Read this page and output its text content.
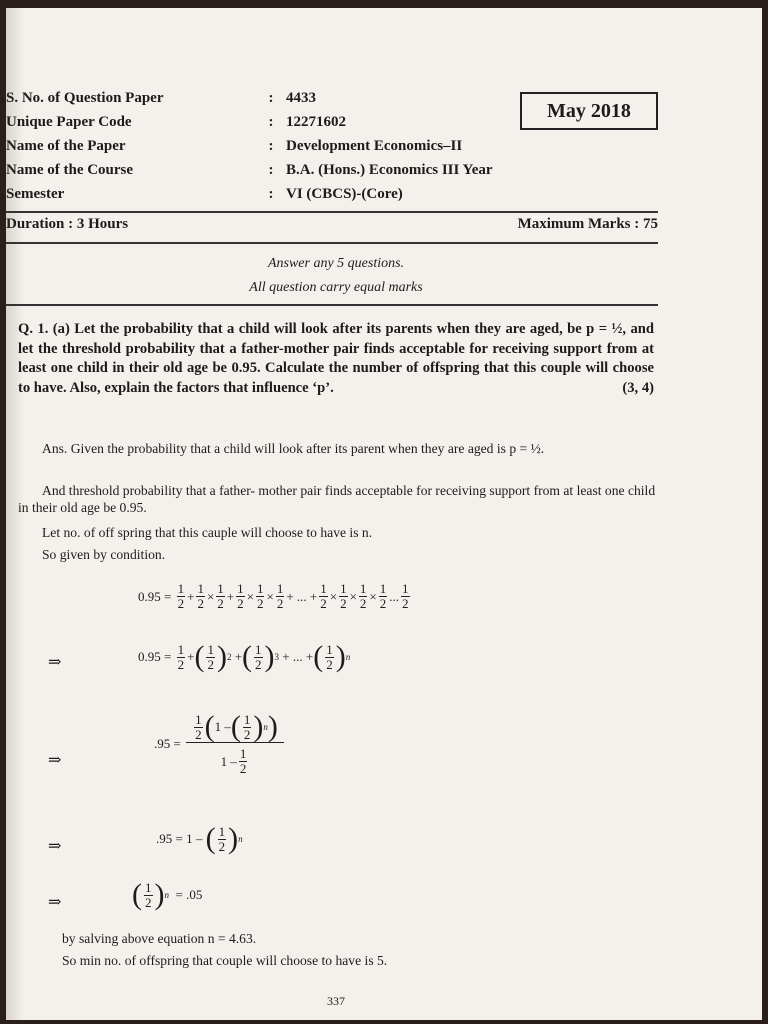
S. No. of Question Paper	: 4433
Unique Paper Code	: 12271602
Name of the Paper	: Development Economics–II
Name of the Course	: B.A. (Hons.) Economics III Year
Semester	: VI (CBCS)-(Core)
May 2018
Duration : 3 Hours	Maximum Marks : 75
Answer any 5 questions.
All question carry equal marks
Q. 1. (a) Let the probability that a child will look after its parents when they are aged, be p = ½, and let the threshold probability that a father-mother pair finds acceptable for receiving support from at least one child in their old age be 0.95. Calculate the number of offspring that this couple will choose to have. Also, explain the factors that influence ‘p’.	(3, 4)
Ans. Given the probability that a child will look after its parent when they are aged is p = ½.
And threshold probability that a father- mother pair finds acceptable for receiving support from at least one child in their old age be 0.95.
Let no. of off spring that this cauple will choose to have is n.
So given by condition.
0.95 =
$\frac{1}{2} + \frac{1}{2} \times \frac{1}{2} + \frac{1}{2} \times \frac{1}{2} \times \frac{1}{2}$ + ... + $\frac{1}{2} \times \frac{1}{2} \times \frac{1}{2} \times \frac{1}{2}$ ... $\frac{1}{2}$
⇒	0.95 =
$\frac{1}{2}$ + ( $\frac{1}{2}$ ) 2 + ( $\frac{1}{2}$ ) 3 + ... + ( $\frac{1}{2}$ ) n
⇒
.95 =
$\frac{\frac{1}{2} ( 1 - ( \frac{1}{2} ) n )}{1 - \frac{1}{2}}$
⇒	.95 = 1 –
( $\frac{1}{2}$ ) n
⇒ ( $\frac{1}{2}$ ) n
= .05
by salving above equation n = 4.63.
So min no. of offspring that couple will choose to have is 5.
337
